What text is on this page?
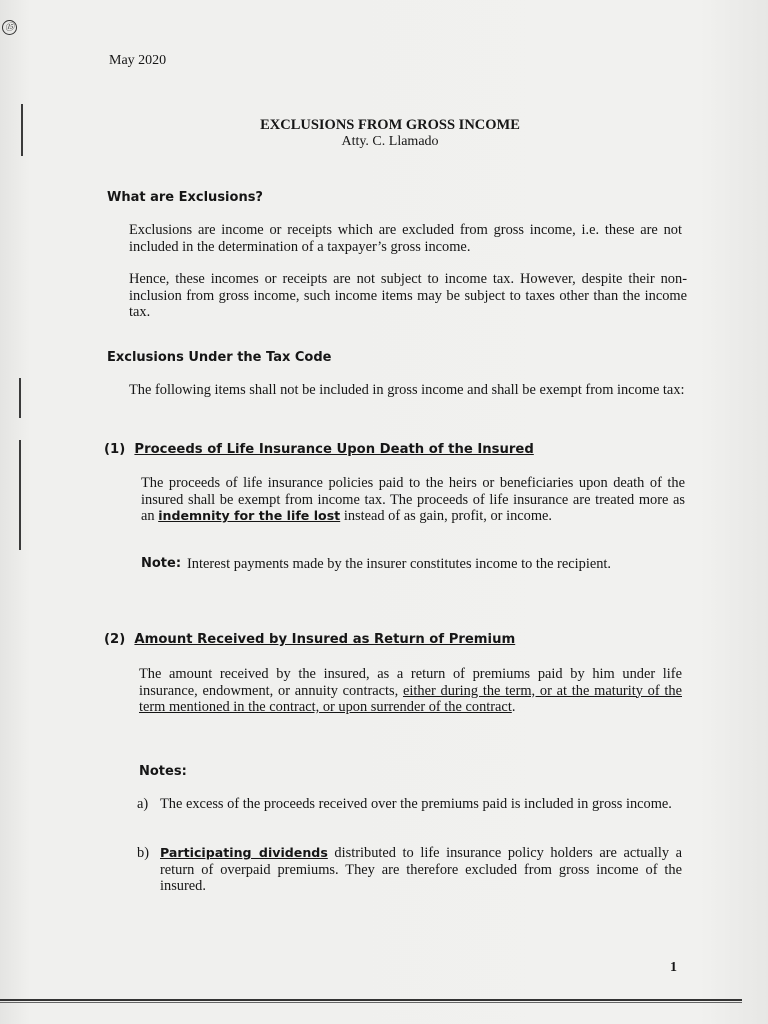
⑮
May 2020
EXCLUSIONS FROM GROSS INCOME
Atty. C. Llamado
What are Exclusions?
Exclusions are income or receipts which are excluded from gross income, i.e. these are not included in the determination of a taxpayer’s gross income.
Hence, these incomes or receipts are not subject to income tax. However, despite their non-inclusion from gross income, such income items may be subject to taxes other than the income tax.
Exclusions Under the Tax Code
The following items shall not be included in gross income and shall be exempt from income tax:
(1) Proceeds of Life Insurance Upon Death of the Insured
The proceeds of life insurance policies paid to the heirs or beneficiaries upon death of the insured shall be exempt from income tax. The proceeds of life insurance are treated more as an indemnity for the life lost instead of as gain, profit, or income.
Note: Interest payments made by the insurer constitutes income to the recipient.
(2) Amount Received by Insured as Return of Premium
The amount received by the insured, as a return of premiums paid by him under life insurance, endowment, or annuity contracts, either during the term, or at the maturity of the term mentioned in the contract, or upon surrender of the contract.
Notes:
a) The excess of the proceeds received over the premiums paid is included in gross income.
b) Participating dividends distributed to life insurance policy holders are actually a return of overpaid premiums. They are therefore excluded from gross income of the insured.
1
